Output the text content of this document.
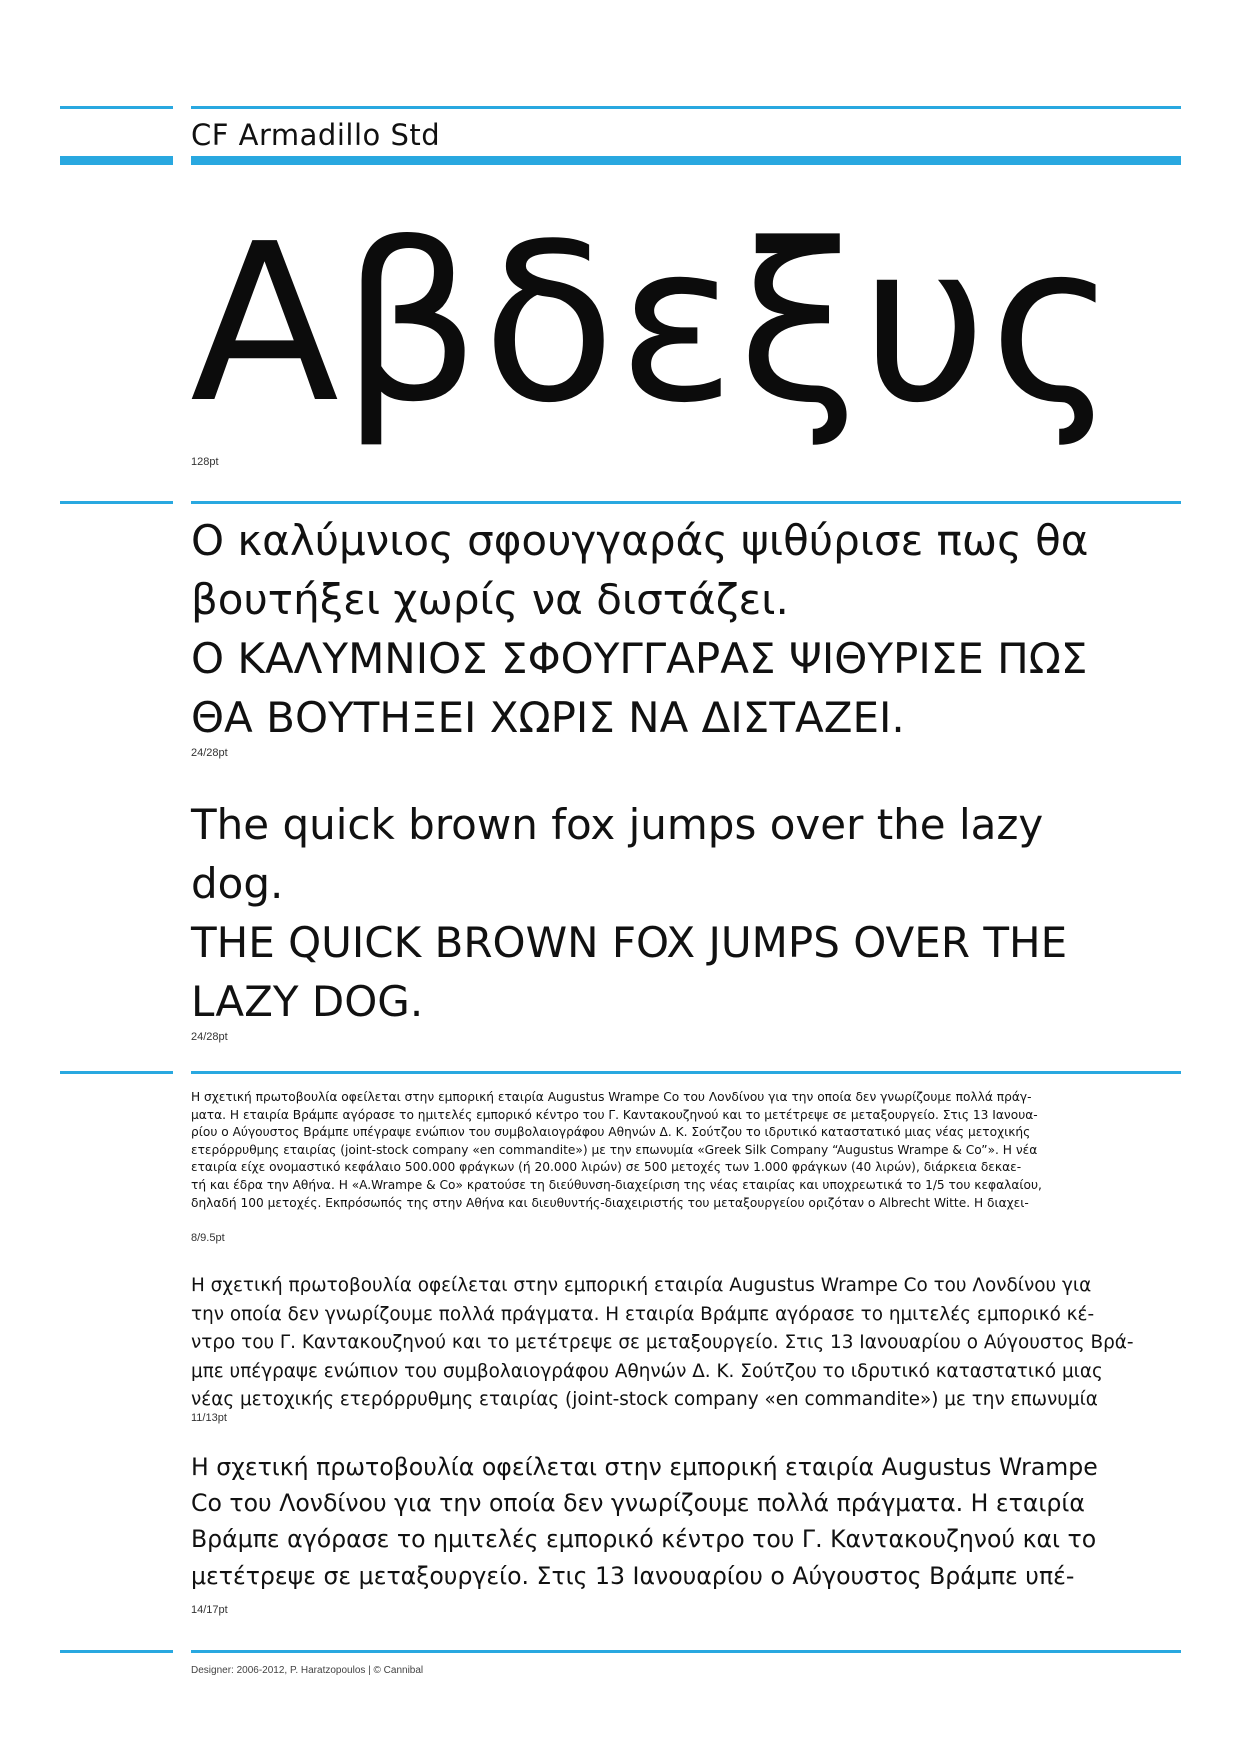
CF Armadillo Std
Αβδεξυς
128pt
Ο καλύμνιος σφουγγαράς ψιθύρισε πως θα
βουτήξει χωρίς να διστάζει.
Ο ΚΑΛΥΜΝΙΟΣ ΣΦΟΥΓΓΑΡΑΣ ΨΙΘΥΡΙΣΕ ΠΩΣ
ΘΑ ΒΟΥΤΗΞΕΙ ΧΩΡΙΣ ΝΑ ΔΙΣΤΑΖΕΙ.
24/28pt
The quick brown fox jumps over the lazy
dog.
THE QUICK BROWN FOX JUMPS OVER THE
LAZY DOG.
24/28pt
Η σχετική πρωτοβουλία οφείλεται στην εμπορική εταιρία Augustus Wrampe Co του Λονδίνου για την οποία δεν γνωρίζουμε πολλά πράγ-
ματα. Η εταιρία Βράμπε αγόρασε το ημιτελές εμπορικό κέντρο του Γ. Καντακουζηνού και το μετέτρεψε σε μεταξουργείο. Στις 13 Ιανουα-
ρίου ο Αύγουστος Βράμπε υπέγραψε ενώπιον του συμβολαιογράφου Αθηνών Δ. Κ. Σούτζου το ιδρυτικό καταστατικό μιας νέας μετοχικής
ετερόρρυθμης εταιρίας (joint-stock company «en commandite») με την επωνυμία «Greek Silk Company “Augustus Wrampe & Co”». Η νέα
εταιρία είχε ονομαστικό κεφάλαιο 500.000 φράγκων (ή 20.000 λιρών) σε 500 μετοχές των 1.000 φράγκων (40 λιρών), διάρκεια δεκαε-
τή και έδρα την Αθήνα. Η «A.Wrampe & Co» κρατούσε τη διεύθυνση-διαχείριση της νέας εταιρίας και υποχρεωτικά το 1/5 του κεφαλαίου,
δηλαδή 100 μετοχές. Εκπρόσωπός της στην Αθήνα και διευθυντής-διαχειριστής του μεταξουργείου οριζόταν ο Albrecht Witte. Η διαχει-
8/9.5pt
Η σχετική πρωτοβουλία οφείλεται στην εμπορική εταιρία Augustus Wrampe Co του Λονδίνου για
την οποία δεν γνωρίζουμε πολλά πράγματα. Η εταιρία Βράμπε αγόρασε το ημιτελές εμπορικό κέ-
ντρο του Γ. Καντακουζηνού και το μετέτρεψε σε μεταξουργείο. Στις 13 Ιανουαρίου ο Αύγουστος Βρά-
μπε υπέγραψε ενώπιον του συμβολαιογράφου Αθηνών Δ. Κ. Σούτζου το ιδρυτικό καταστατικό μιας
νέας μετοχικής ετερόρρυθμης εταιρίας (joint-stock company «en commandite») με την επωνυμία
11/13pt
Η σχετική πρωτοβουλία οφείλεται στην εμπορική εταιρία Augustus Wrampe
Co του Λονδίνου για την οποία δεν γνωρίζουμε πολλά πράγματα. Η εταιρία
Βράμπε αγόρασε το ημιτελές εμπορικό κέντρο του Γ. Καντακουζηνού και το
μετέτρεψε σε μεταξουργείο. Στις 13 Ιανουαρίου ο Αύγουστος Βράμπε υπέ-
14/17pt
Designer: 2006-2012, P. Haratzopoulos | © Cannibal
